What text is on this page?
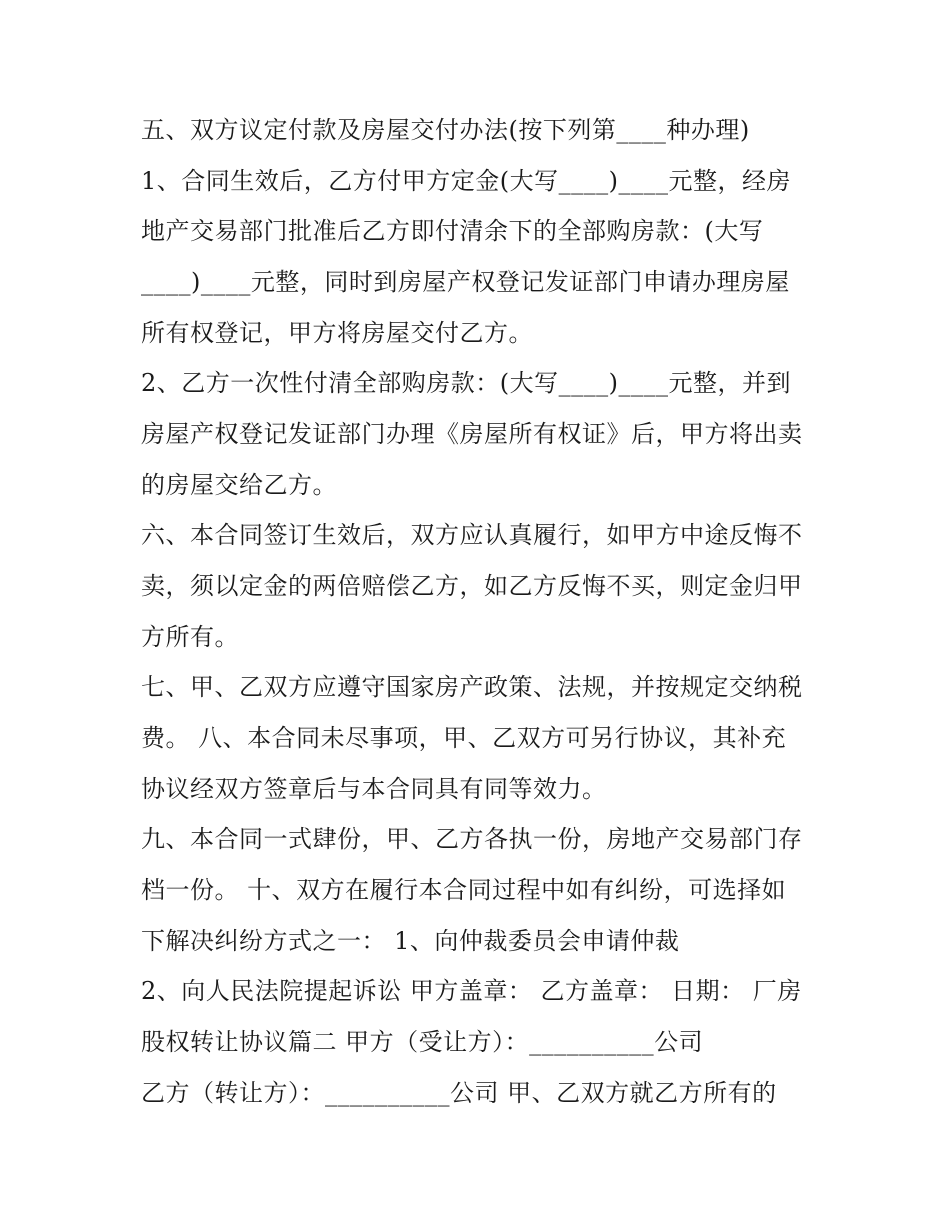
五、双方议定付款及房屋交付办法(按下列第____种办理)
1、合同生效后，乙方付甲方定金(大写____)____元整，经房
地产交易部门批准后乙方即付清余下的全部购房款：(大写
____)____元整，同时到房屋产权登记发证部门申请办理房屋
所有权登记，甲方将房屋交付乙方。
2、乙方一次性付清全部购房款：(大写____)____元整，并到
房屋产权登记发证部门办理《房屋所有权证》后，甲方将出卖
的房屋交给乙方。
六、本合同签订生效后，双方应认真履行，如甲方中途反悔不
卖，须以定金的两倍赔偿乙方，如乙方反悔不买，则定金归甲
方所有。
七、甲、乙双方应遵守国家房产政策、法规，并按规定交纳税
费。 八、本合同未尽事项，甲、乙双方可另行协议，其补充
协议经双方签章后与本合同具有同等效力。
九、本合同一式肆份，甲、乙方各执一份，房地产交易部门存
档一份。 十、双方在履行本合同过程中如有纠纷，可选择如
下解决纠纷方式之一： 1、向仲裁委员会申请仲裁
2、向人民法院提起诉讼 甲方盖章： 乙方盖章： 日期： 厂房
股权转让协议篇二 甲方（受让方）：__________公司
乙方（转让方）：__________公司 甲、乙双方就乙方所有的
